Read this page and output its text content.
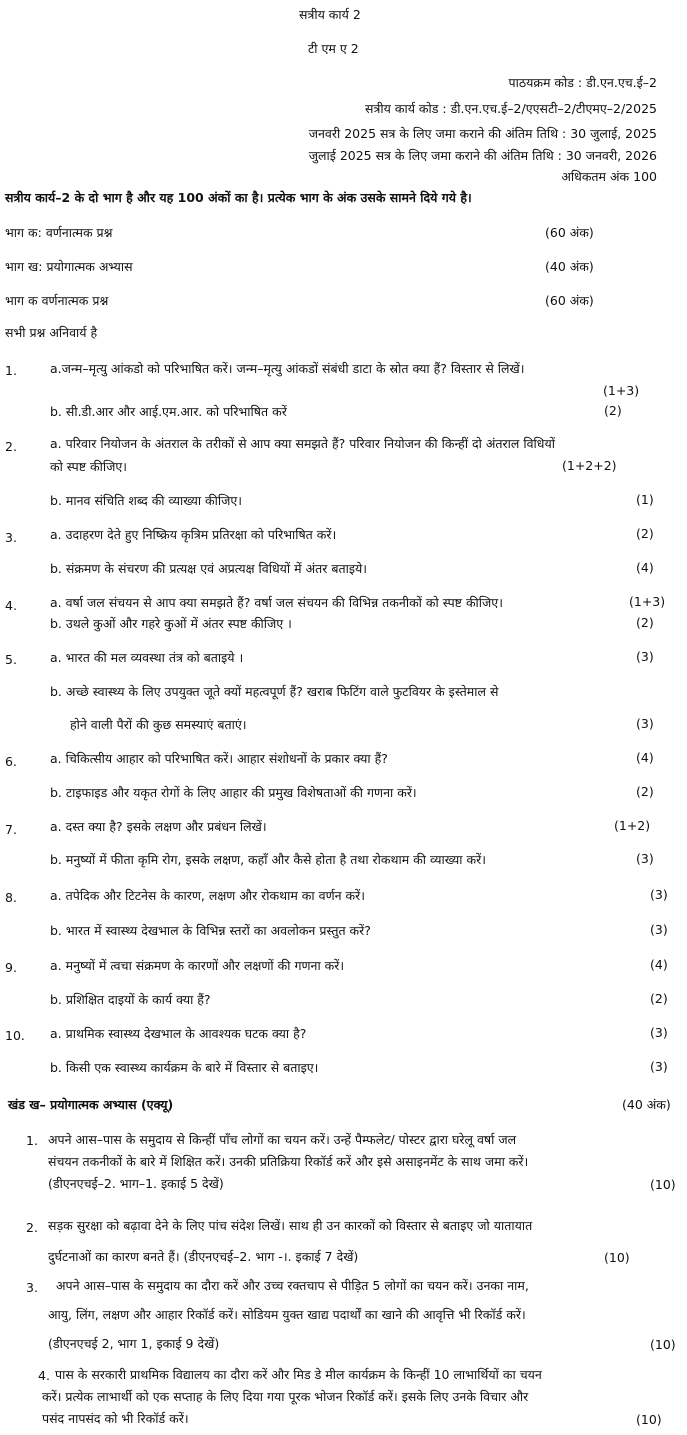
सत्रीय कार्य 2
टी एम ए 2
पाठयक्रम कोड : डी.एन.एच.ई–2
सत्रीय कार्य कोड : डी.एन.एच.ई–2/एएसटी–2/टीएमए–2/2025
जनवरी 2025 सत्र के लिए जमा कराने की अंतिम तिथि : 30 जुलाई, 2025
जुलाई 2025 सत्र के लिए जमा कराने की अंतिम तिथि : 30 जनवरी, 2026
अधिकतम अंक 100
सत्रीय कार्य–2 के दो भाग है और यह 100 अंकों का है। प्रत्येक भाग के अंक उसके सामने दिये गये है।
भाग क: वर्णनात्मक प्रश्न	(60 अंक)
भाग ख: प्रयोगात्मक अभ्यास	(40 अंक)
भाग क वर्णनात्मक प्रश्न	(60 अंक)
सभी प्रश्न अनिवार्य है
1.	a.जन्म–मृत्यु आंकडो को परिभाषित करें। जन्म–मृत्यु आंकडों संबंधी डाटा के स्रोत क्या हैं? विस्तार से लिखें।
(1+3)
b. सी.डी.आर और आई.एम.आर. को परिभाषित करें	(2)
2.	a. परिवार नियोजन के अंतराल के तरीकों से आप क्या समझते हैं? परिवार नियोजन की किन्हीं दो अंतराल विधियों
को स्पष्ट कीजिए।	(1+2+2)
b. मानव संचिति शब्द की व्याख्या कीजिए।	(1)
3.	a. उदाहरण देते हुए निष्क्रिय कृत्रिम प्रतिरक्षा को परिभाषित करें।	(2)
b. संक्रमण के संचरण की प्रत्यक्ष एवं अप्रत्यक्ष विधियों में अंतर बताइये।	(4)
4.	a. वर्षा जल संचयन से आप क्या समझते हैं? वर्षा जल संचयन की विभिन्न तकनीकों को स्पष्ट कीजिए।	(1+3)
b. उथले कुओं और गहरे कुओं में अंतर स्पष्ट कीजिए ।	(2)
5.	a. भारत की मल व्यवस्था तंत्र को बताइये ।	(3)
b. अच्छे स्वास्थ्य के लिए उपयुक्त जूते क्यों महत्वपूर्ण हैं? खराब फिटिंग वाले फुटवियर के इस्तेमाल से
होने वाली पैरों की कुछ समस्याएं बताएं।	(3)
6.	a. चिकित्सीय आहार को परिभाषित करें। आहार संशोधनों के प्रकार क्या हैं?	(4)
b. टाइफाइड और यकृत रोगों के लिए आहार की प्रमुख विशेषताओं की गणना करें।	(2)
7.	a. दस्त क्या है? इसके लक्षण और प्रबंधन लिखें।	(1+2)
b. मनुष्यों में फीता कृमि रोग, इसके लक्षण, कहाँ और कैसे होता है तथा रोकथाम की व्याख्या करें।	(3)
8.	a. तपेदिक और टिटनेस के कारण, लक्षण और रोकथाम का वर्णन करें।	(3)
b. भारत में स्वास्थ्य देखभाल के विभिन्न स्तरों का अवलोकन प्रस्तुत करें?	(3)
9.	a. मनुष्यों में त्वचा संक्रमण के कारणों और लक्षणों की गणना करें।	(4)
b. प्रशिक्षित दाइयों के कार्य क्या हैं?	(2)
10. a. प्राथमिक स्वास्थ्य देखभाल के आवश्यक घटक क्या है?	(3)
b. किसी एक स्वास्थ्य कार्यक्रम के बारे में विस्तार से बताइए।	(3)
खंड ख– प्रयोगात्मक अभ्यास (एक्यू)	(40 अंक)
1. अपने आस–पास के समुदाय से किन्हीं पाँच लोगों का चयन करें। उन्हें पैम्फलेट/ पोस्टर द्वारा घरेलू वर्षा जल
संचयन तकनीकों के बारे में शिक्षित करें। उनकी प्रतिक्रिया रिकॉर्ड करें और इसे असाइनमेंट के साथ जमा करें।
(डीएनएचई–2. भाग–1. इकाई 5 देखें)	(10)
2. सड़क सुरक्षा को बढ़ावा देने के लिए पांच संदेश लिखें। साथ ही उन कारकों को विस्तार से बताइए जो यातायात
दुर्घटनाओं का कारण बनते हैं। (डीएनएचई–2. भाग -।. इकाई 7 देखें)	(10)
3. अपने आस–पास के समुदाय का दौरा करें और उच्च रक्तचाप से पीड़ित 5 लोगों का चयन करें। उनका नाम,
आयु, लिंग, लक्षण और आहार रिकॉर्ड करें। सोडियम युक्त खाद्य पदार्थों का खाने की आवृत्ति भी रिकॉर्ड करें।
(डीएनएचई 2, भाग 1, इकाई 9 देखें)	(10)
4. पास के सरकारी प्राथमिक विद्यालय का दौरा करें और मिड डे मील कार्यक्रम के किन्हीं 10 लाभार्थियों का चयन
करें। प्रत्येक लाभार्थी को एक सप्ताह के लिए दिया गया पूरक भोजन रिकॉर्ड करें। इसके लिए उनके विचार और
पसंद नापसंद को भी रिकॉर्ड करें।	(10)
